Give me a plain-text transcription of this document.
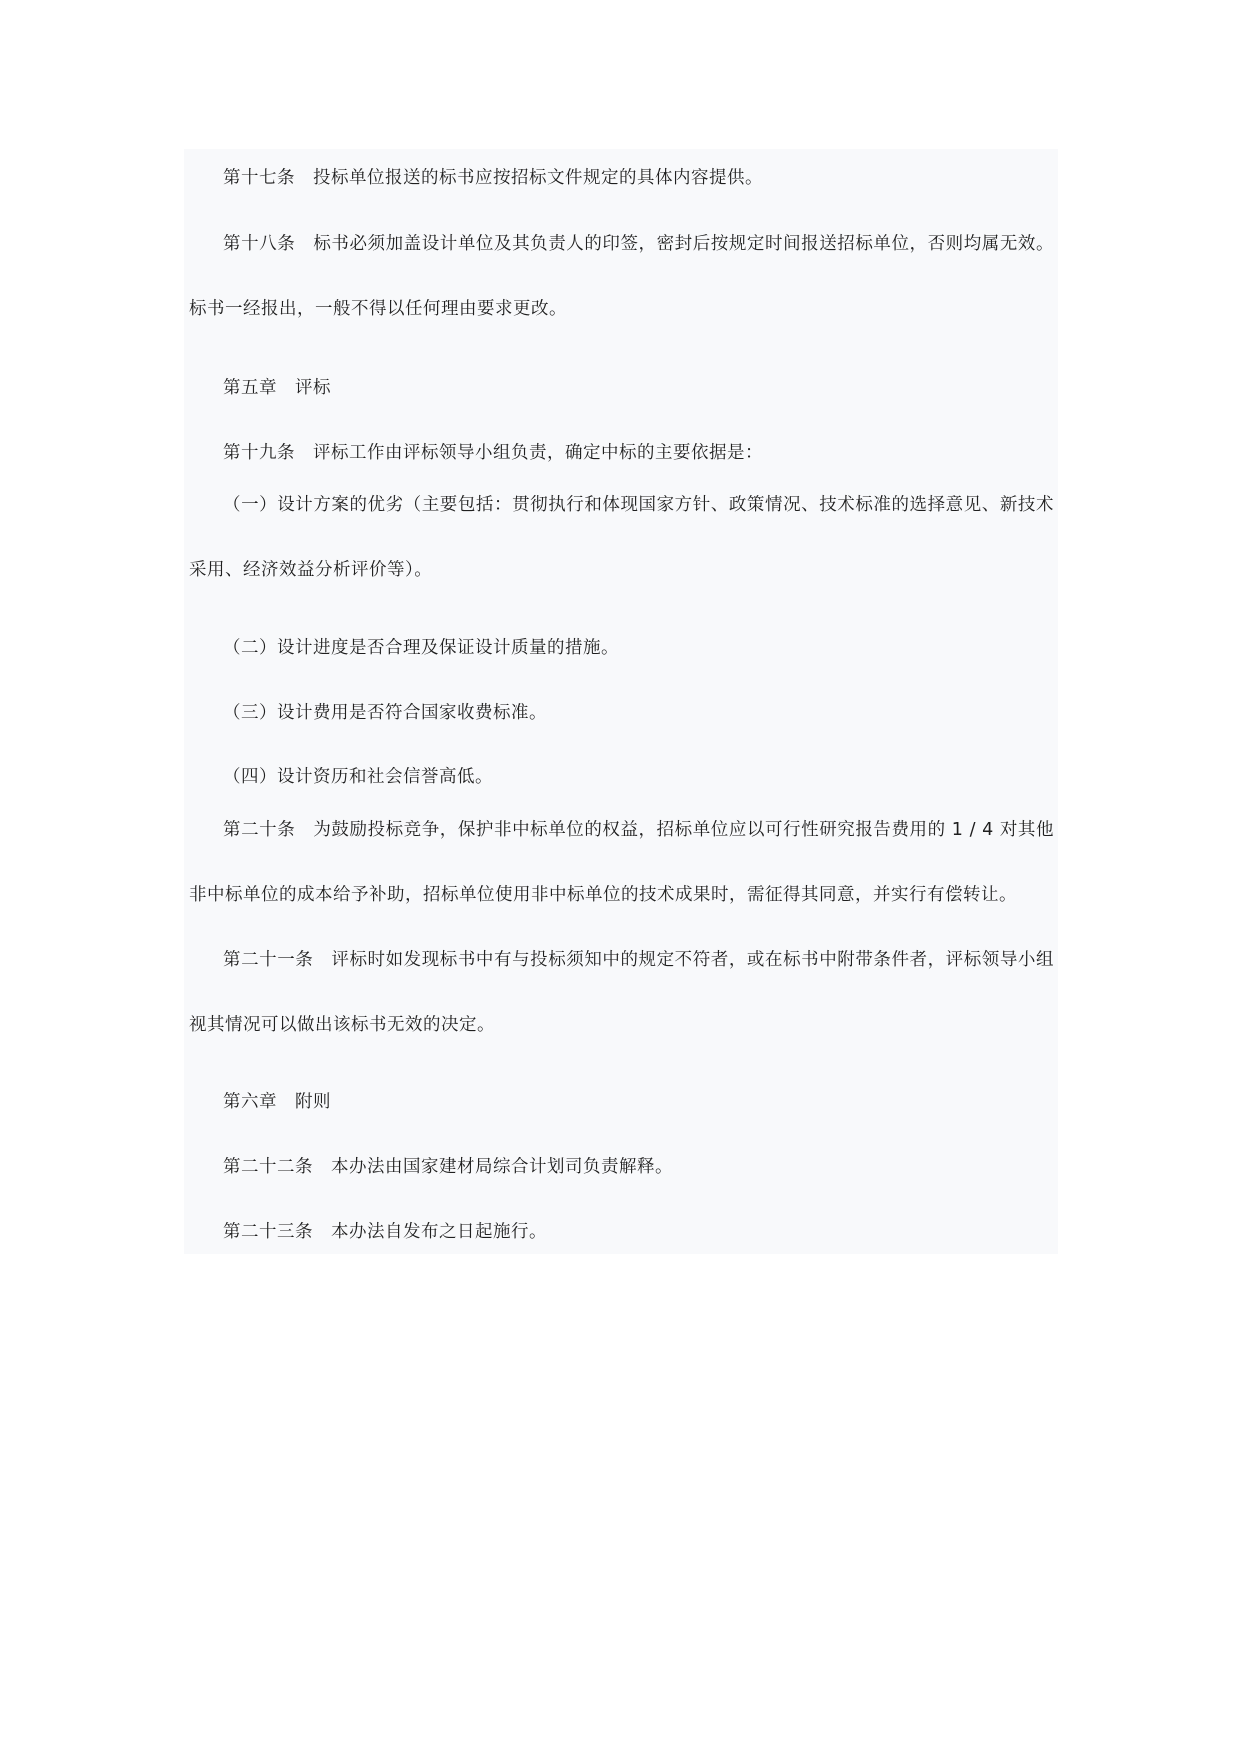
第十七条　投标单位报送的标书应按招标文件规定的具体内容提供。

第十八条　标书必须加盖设计单位及其负责人的印签，密封后按规定时间报送招标单位，否则均属无效。标书一经报出，一般不得以任何理由要求更改。

第五章　评标

第十九条　评标工作由评标领导小组负责，确定中标的主要依据是：

（一）设计方案的优劣（主要包括：贯彻执行和体现国家方针、政策情况、技术标准的选择意见、新技术采用、经济效益分析评价等）。

（二）设计进度是否合理及保证设计质量的措施。

（三）设计费用是否符合国家收费标准。

（四）设计资历和社会信誉高低。

第二十条　为鼓励投标竞争，保护非中标单位的权益，招标单位应以可行性研究报告费用的 1 / 4 对其他非中标单位的成本给予补助，招标单位使用非中标单位的技术成果时，需征得其同意，并实行有偿转让。

第二十一条　评标时如发现标书中有与投标须知中的规定不符者，或在标书中附带条件者，评标领导小组视其情况可以做出该标书无效的决定。

第六章　附则

第二十二条　本办法由国家建材局综合计划司负责解释。

第二十三条　本办法自发布之日起施行。
